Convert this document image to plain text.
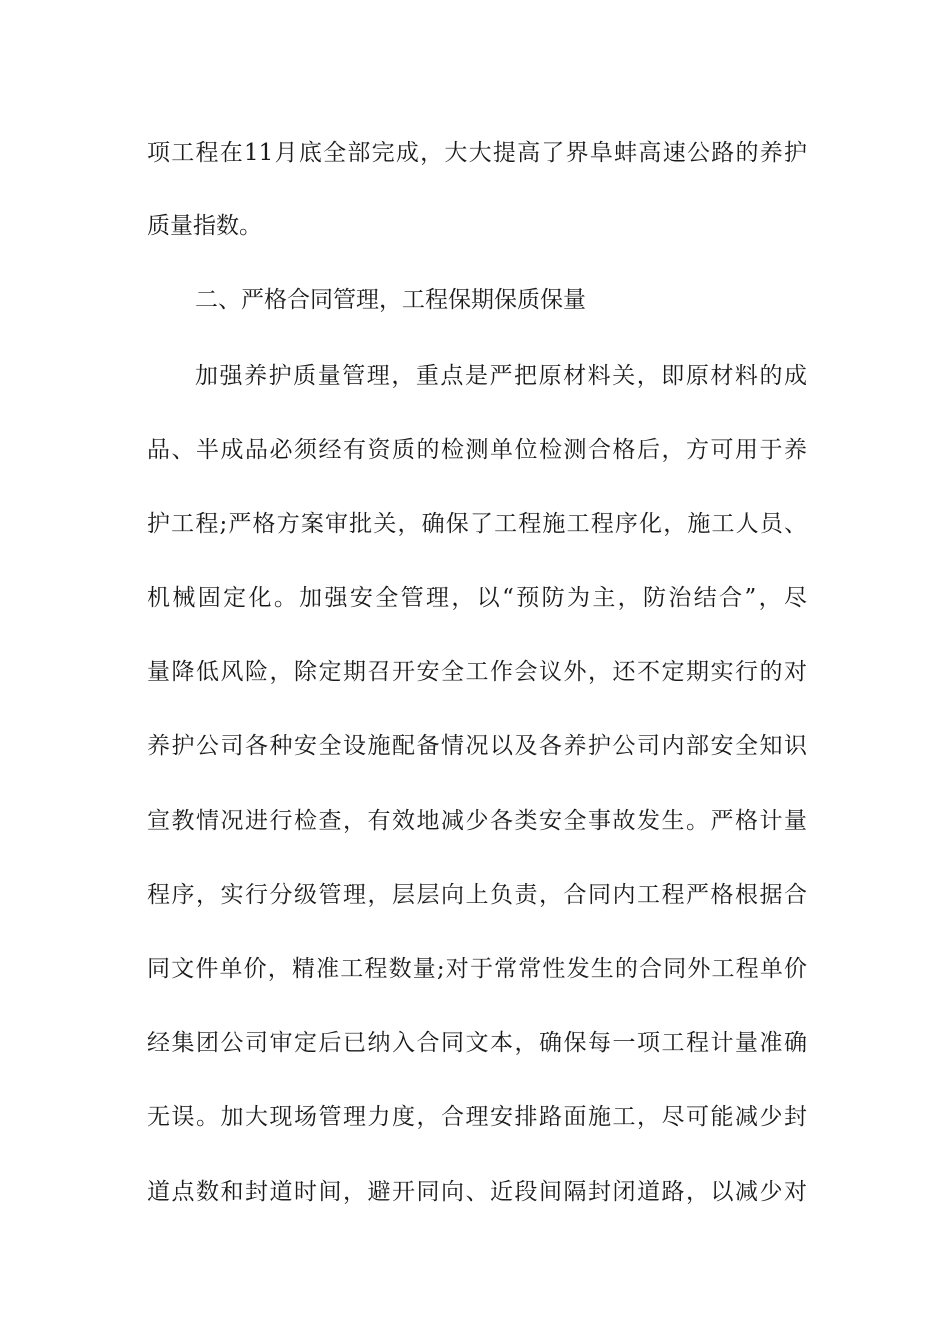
项工程在11月底全部完成，大大提高了界阜蚌高速公路的养护
质量指数。
二、严格合同管理，工程保期保质保量
加强养护质量管理，重点是严把原材料关，即原材料的成
品、半成品必须经有资质的检测单位检测合格后，方可用于养
护工程;严格方案审批关，确保了工程施工程序化，施工人员、
机械固定化。加强安全管理，以“预防为主，防治结合”，尽
量降低风险，除定期召开安全工作会议外，还不定期实行的对
养护公司各种安全设施配备情况以及各养护公司内部安全知识
宣教情况进行检查，有效地减少各类安全事故发生。严格计量
程序，实行分级管理，层层向上负责，合同内工程严格根据合
同文件单价，精准工程数量;对于常常性发生的合同外工程单价
经集团公司审定后已纳入合同文本，确保每一项工程计量准确
无误。加大现场管理力度，合理安排路面施工，尽可能减少封
道点数和封道时间，避开同向、近段间隔封闭道路，以减少对
